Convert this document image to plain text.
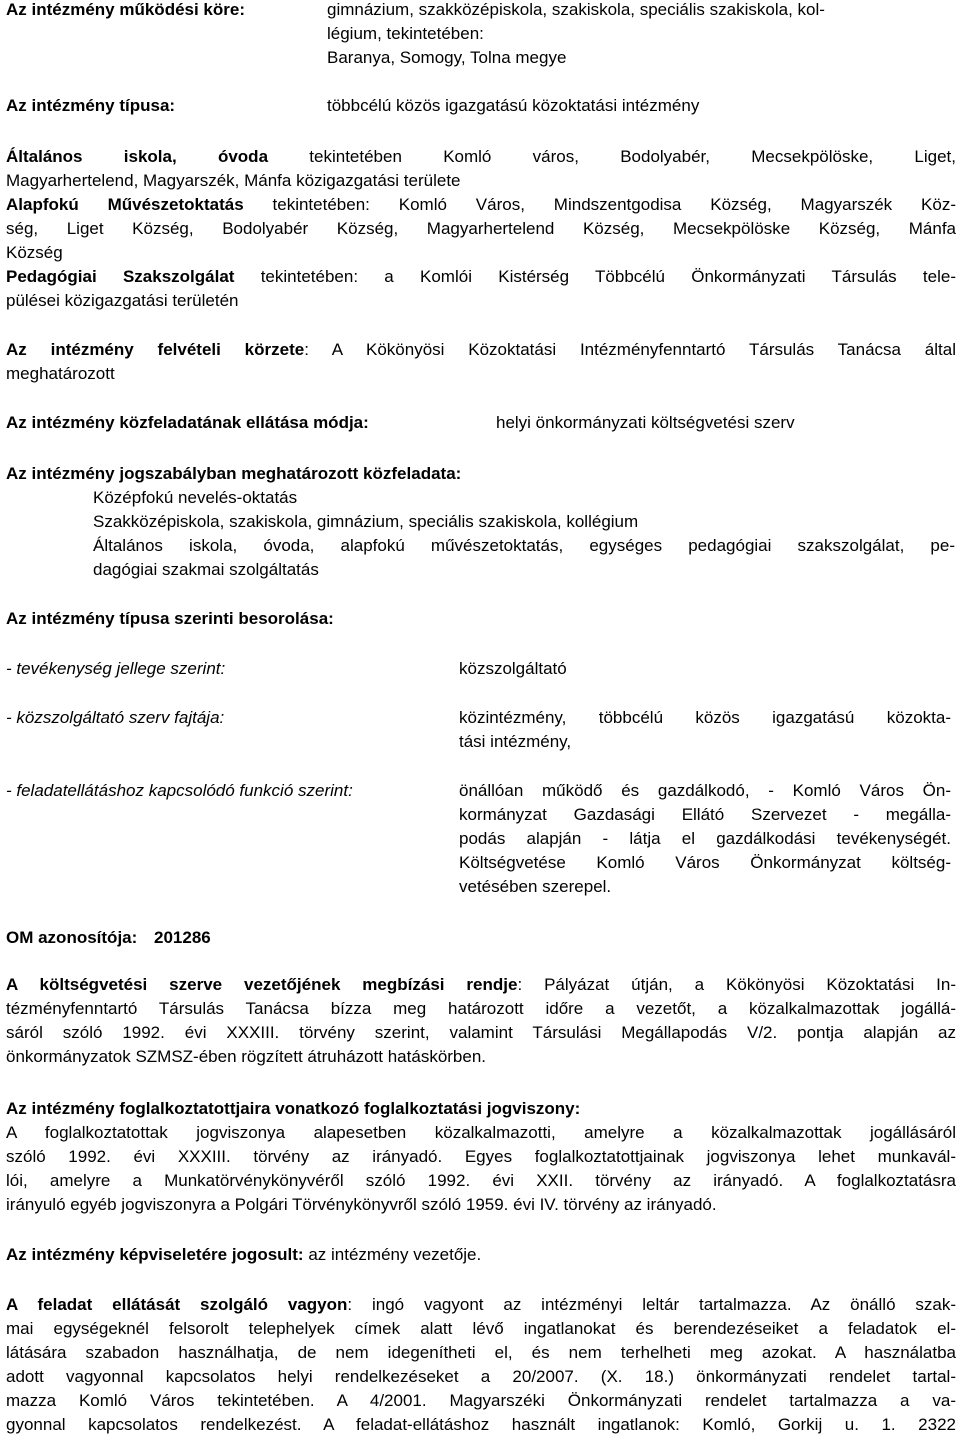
Az intézmény működési köre:	gimnázium, szakközépiskola, szakiskola, speciális szakiskola, kol-
légium, tekintetében:
Baranya, Somogy, Tolna megye
Az intézmény típusa:	többcélú közös igazgatású közoktatási intézmény
Általános iskola, óvoda tekintetében Komló város, Bodolyabér, Mecsekpölöske, Liget,
Magyarhertelend, Magyarszék, Mánfa közigazgatási területe
Alapfokú Művészetoktatás tekintetében: Komló Város, Mindszentgodisa Község, Magyarszék Köz-
ség, Liget Község, Bodolyabér Község, Magyarhertelend Község, Mecsekpölöske Község, Mánfa
Község
Pedagógiai Szakszolgálat tekintetében: a Komlói Kistérség Többcélú Önkormányzati Társulás tele-
pülései közigazgatási területén
Az intézmény felvételi körzete: A Kökönyösi Közoktatási Intézményfenntartó Társulás Tanácsa által
meghatározott
Az intézmény közfeladatának ellátása módja:	helyi önkormányzati költségvetési szerv
Az intézmény jogszabályban meghatározott közfeladata:
Középfokú nevelés-oktatás
Szakközépiskola, szakiskola, gimnázium, speciális szakiskola, kollégium
Általános iskola, óvoda, alapfokú művészetoktatás, egységes pedagógiai szakszolgálat, pe-
dagógiai szakmai szolgáltatás
Az intézmény típusa szerinti besorolása:
- tevékenység jellege szerint:	közszolgáltató
- közszolgáltató szerv fajtája:	közintézmény, többcélú közös igazgatású közokta-
tási intézmény,
- feladatellátáshoz kapcsolódó funkció szerint:	önállóan működő és gazdálkodó, - Komló Város Ön-
kormányzat Gazdasági Ellátó Szervezet - megálla-
podás alapján - látja el gazdálkodási tevékenységét.
Költségvetése Komló Város Önkormányzat költség-
vetésében szerepel.
OM azonosítója: 201286
A költségvetési szerve vezetőjének megbízási rendje: Pályázat útján, a Kökönyösi Közoktatási In-
tézményfenntartó Társulás Tanácsa bízza meg határozott időre a vezetőt, a közalkalmazottak jogállá-
sáról szóló 1992. évi XXXIII. törvény szerint, valamint Társulási Megállapodás V/2. pontja alapján az
önkormányzatok SZMSZ-ében rögzített átruházott hatáskörben.
Az intézmény foglalkoztatottjaira vonatkozó foglalkoztatási jogviszony:
A foglalkoztatottak jogviszonya alapesetben közalkalmazotti, amelyre a közalkalmazottak jogállásáról
szóló 1992. évi XXXIII. törvény az irányadó. Egyes foglalkoztatottjainak jogviszonya lehet munkavál-
lói, amelyre a Munkatörvénykönyvéről szóló 1992. évi XXII. törvény az irányadó. A foglalkoztatásra
irányuló egyéb jogviszonyra a Polgári Törvénykönyvről szóló 1959. évi IV. törvény az irányadó.
Az intézmény képviseletére jogosult: az intézmény vezetője.
A feladat ellátását szolgáló vagyon: ingó vagyont az intézményi leltár tartalmazza. Az önálló szak-
mai egységeknél felsorolt telephelyek címek alatt lévő ingatlanokat és berendezéseiket a feladatok el-
látására szabadon használhatja, de nem idegenítheti el, és nem terhelheti meg azokat. A használatba
adott vagyonnal kapcsolatos helyi rendelkezéseket a 20/2007. (X. 18.) önkormányzati rendelet tartal-
mazza Komló Város tekintetében. A 4/2001. Magyarszéki Önkormányzati rendelet tartalmazza a va-
gyonnal kapcsolatos rendelkezést. A feladat-ellátáshoz használt ingatlanok: Komló, Gorkij u. 1. 2322
